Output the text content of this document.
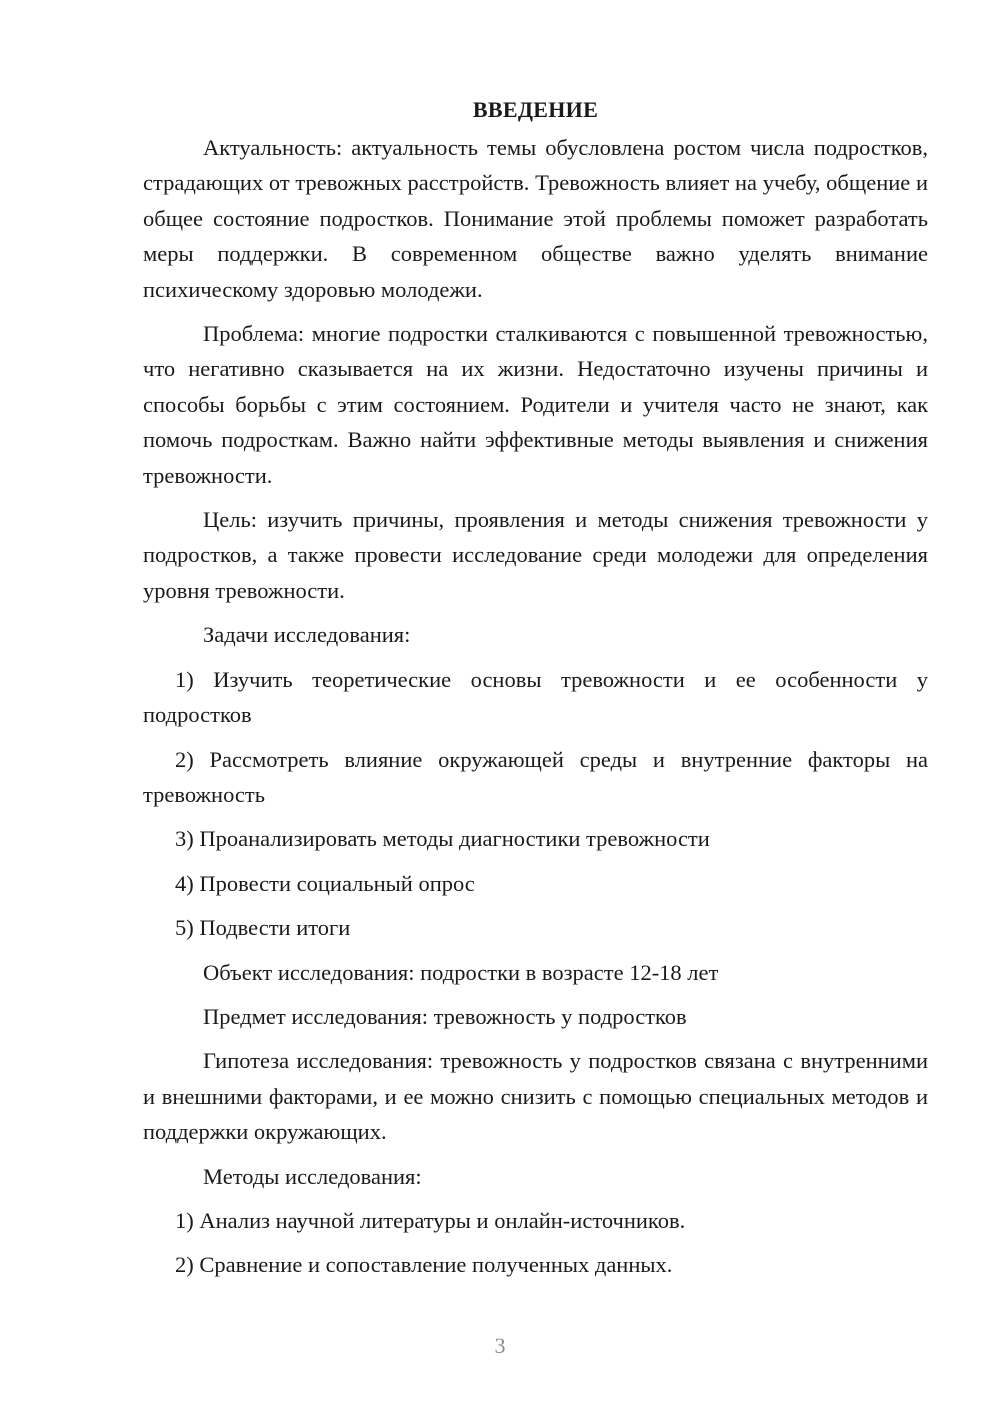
ВВЕДЕНИЕ

Актуальность: актуальность темы обусловлена ростом числа подростков, страдающих от тревожных расстройств. Тревожность влияет на учебу, общение и общее состояние подростков. Понимание этой проблемы поможет разработать меры поддержки. В современном обществе важно уделять внимание психическому здоровью молодежи.

Проблема: многие подростки сталкиваются с повышенной тревожностью, что негативно сказывается на их жизни. Недостаточно изучены причины и способы борьбы с этим состоянием. Родители и учителя часто не знают, как помочь подросткам. Важно найти эффективные методы выявления и снижения тревожности.

Цель: изучить причины, проявления и методы снижения тревожности у подростков, а также провести исследование среди молодежи для определения уровня тревожности.

Задачи исследования:

1) Изучить теоретические основы тревожности и ее особенности у подростков

2) Рассмотреть влияние окружающей среды и внутренние факторы на тревожность

3) Проанализировать методы диагностики тревожности

4) Провести социальный опрос

5) Подвести итоги

Объект исследования: подростки в возрасте 12-18 лет

Предмет исследования: тревожность у подростков

Гипотеза исследования: тревожность у подростков связана с внутренними и внешними факторами, и ее можно снизить с помощью специальных методов и поддержки окружающих.

Методы исследования:

1) Анализ научной литературы и онлайн-источников.

2) Сравнение и сопоставление полученных данных.

3
